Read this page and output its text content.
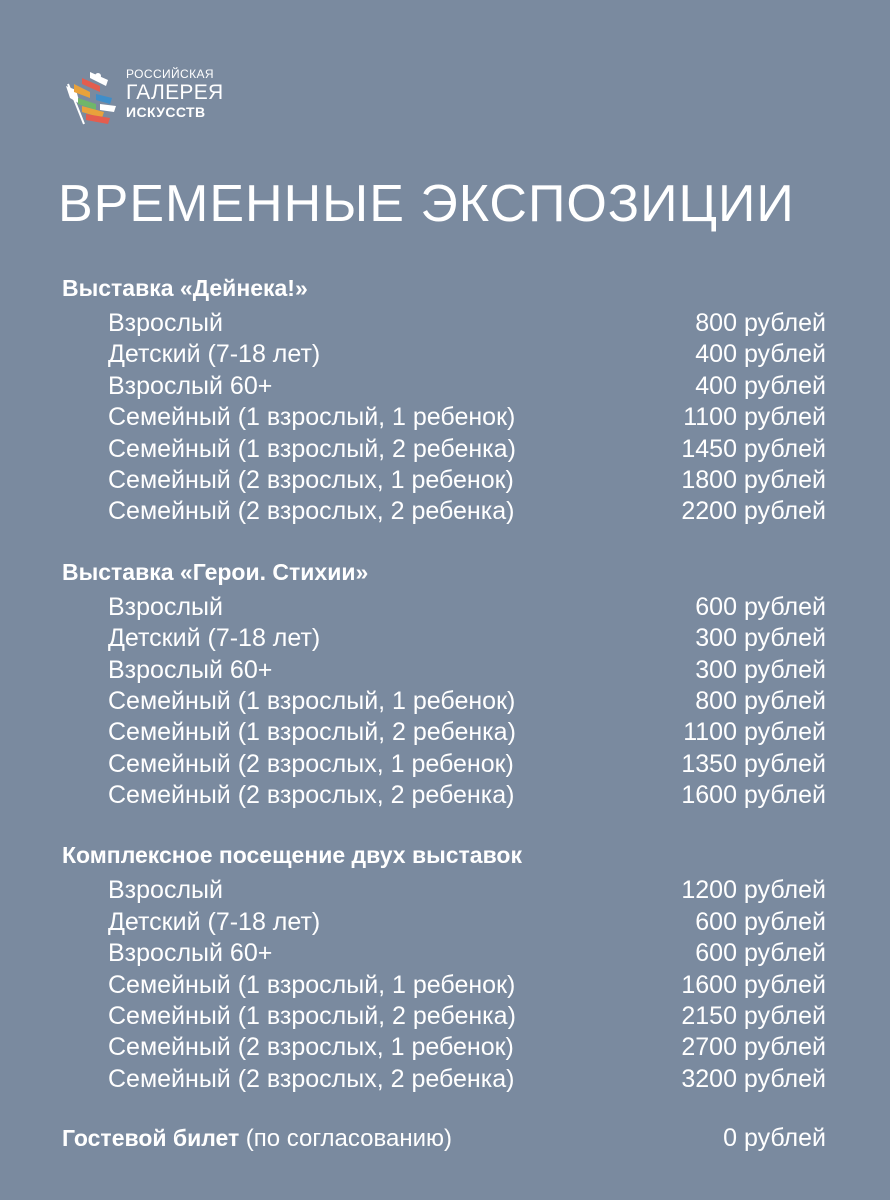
РОССИЙСКАЯ
ГАЛЕРЕЯ
ИСКУССТВ
ВРЕМЕННЫЕ ЭКСПОЗИЦИИ
Выставка «Дейнека!»
Взрослый	800 рублей
Детский (7-18 лет)	400 рублей
Взрослый 60+	400 рублей
Семейный (1 взрослый, 1 ребенок)	1100 рублей
Семейный (1 взрослый, 2 ребенка)	1450 рублей
Семейный (2 взрослых, 1 ребенок)	1800 рублей
Семейный (2 взрослых, 2 ребенка)	2200 рублей
Выставка «Герои. Стихии»
Взрослый	600 рублей
Детский (7-18 лет)	300 рублей
Взрослый 60+	300 рублей
Семейный (1 взрослый, 1 ребенок)	800 рублей
Семейный (1 взрослый, 2 ребенка)	1100 рублей
Семейный (2 взрослых, 1 ребенок)	1350 рублей
Семейный (2 взрослых, 2 ребенка)	1600 рублей
Комплексное посещение двух выставок
Взрослый	1200 рублей
Детский (7-18 лет)	600 рублей
Взрослый 60+	600 рублей
Семейный (1 взрослый, 1 ребенок)	1600 рублей
Семейный (1 взрослый, 2 ребенка)	2150 рублей
Семейный (2 взрослых, 1 ребенок)	2700 рублей
Семейный (2 взрослых, 2 ребенка)	3200 рублей
Гостевой билет (по согласованию)	0 рублей
